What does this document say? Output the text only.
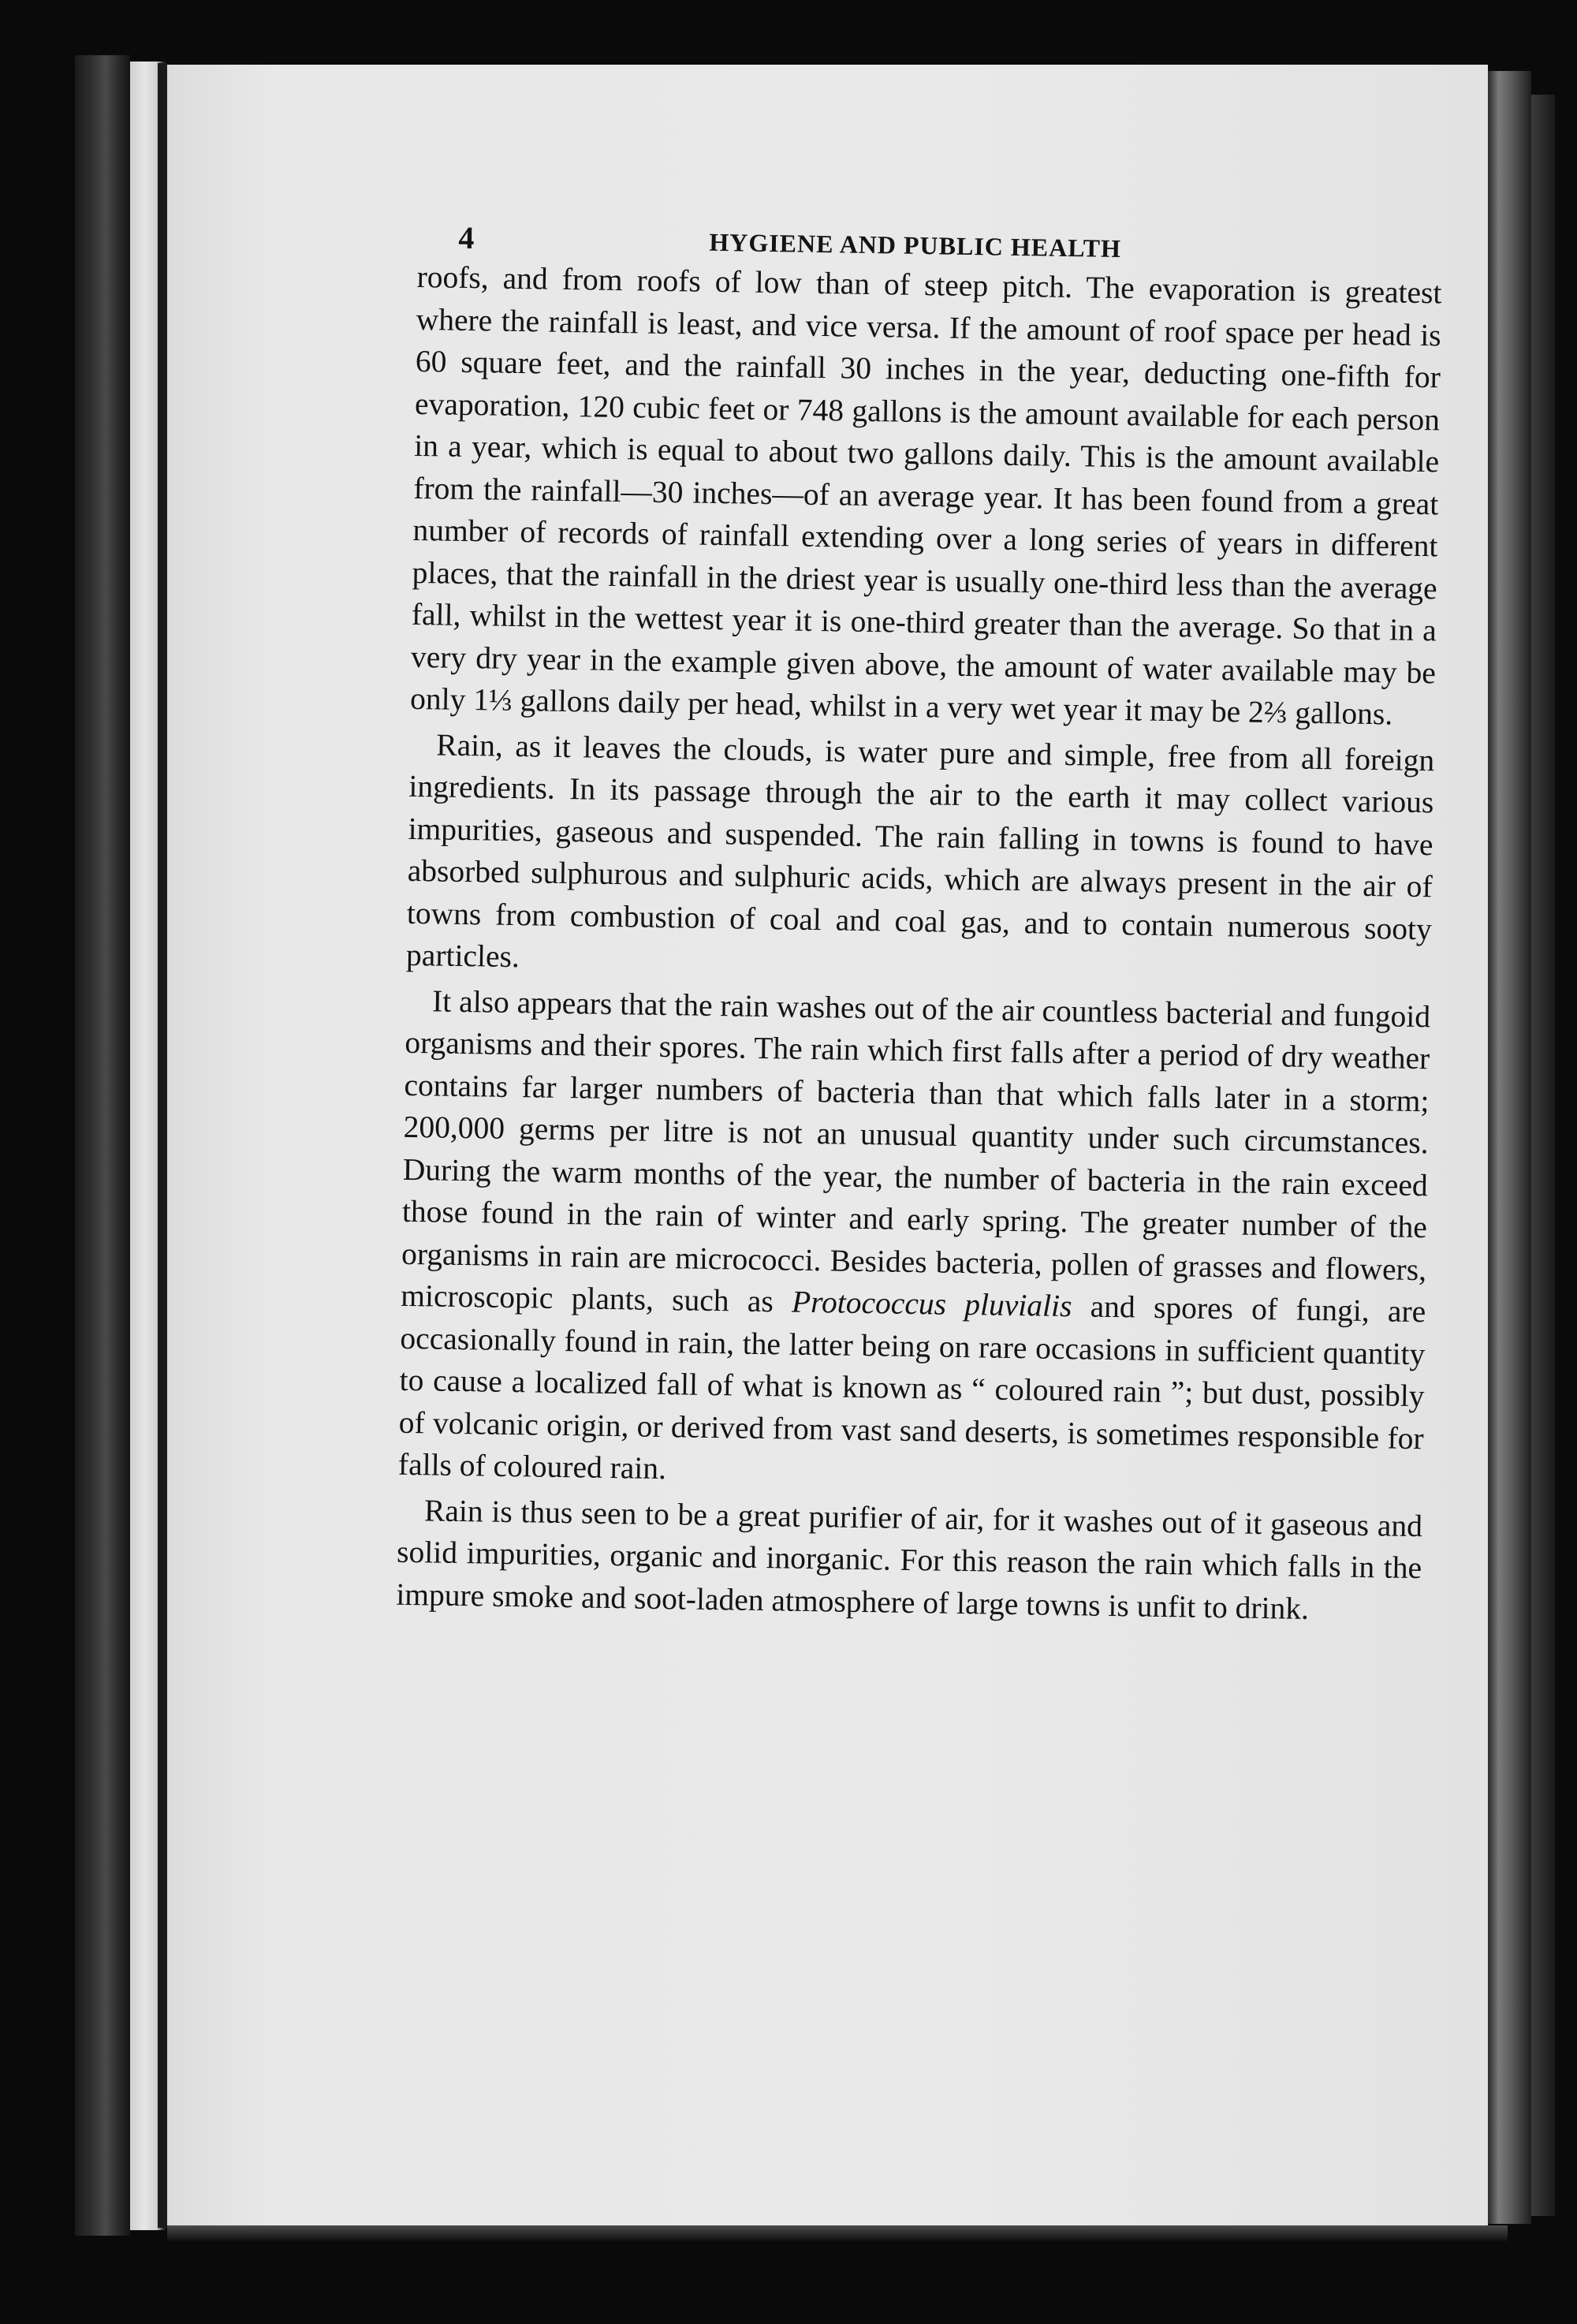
4	HYGIENE AND PUBLIC HEALTH

roofs, and from roofs of low than of steep pitch. The evaporation is greatest where the rainfall is least, and vice versa. If the amount of roof space per head is 60 square feet, and the rainfall 30 inches in the year, deducting one-fifth for evaporation, 120 cubic feet or 748 gallons is the amount available for each person in a year, which is equal to about two gallons daily. This is the amount available from the rainfall—30 inches—of an average year. It has been found from a great number of records of rainfall extending over a long series of years in different places, that the rainfall in the driest year is usually one-third less than the average fall, whilst in the wettest year it is one-third greater than the average. So that in a very dry year in the example given above, the amount of water available may be only 1⅓ gallons daily per head, whilst in a very wet year it may be 2⅔ gallons.

Rain, as it leaves the clouds, is water pure and simple, free from all foreign ingredients. In its passage through the air to the earth it may collect various impurities, gaseous and suspended. The rain falling in towns is found to have absorbed sulphurous and sulphuric acids, which are always present in the air of towns from combustion of coal and coal gas, and to contain numerous sooty particles.

It also appears that the rain washes out of the air countless bacterial and fungoid organisms and their spores. The rain which first falls after a period of dry weather contains far larger numbers of bacteria than that which falls later in a storm; 200,000 germs per litre is not an unusual quantity under such circumstances. During the warm months of the year, the number of bacteria in the rain exceed those found in the rain of winter and early spring. The greater number of the organisms in rain are micrococci. Besides bacteria, pollen of grasses and flowers, microscopic plants, such as Protococcus pluvialis and spores of fungi, are occasionally found in rain, the latter being on rare occasions in sufficient quantity to cause a localized fall of what is known as “ coloured rain ”; but dust, possibly of volcanic origin, or derived from vast sand deserts, is sometimes responsible for falls of coloured rain.

Rain is thus seen to be a great purifier of air, for it washes out of it gaseous and solid impurities, organic and inorganic. For this reason the rain which falls in the impure smoke and soot-laden atmosphere of large towns is unfit to drink.
